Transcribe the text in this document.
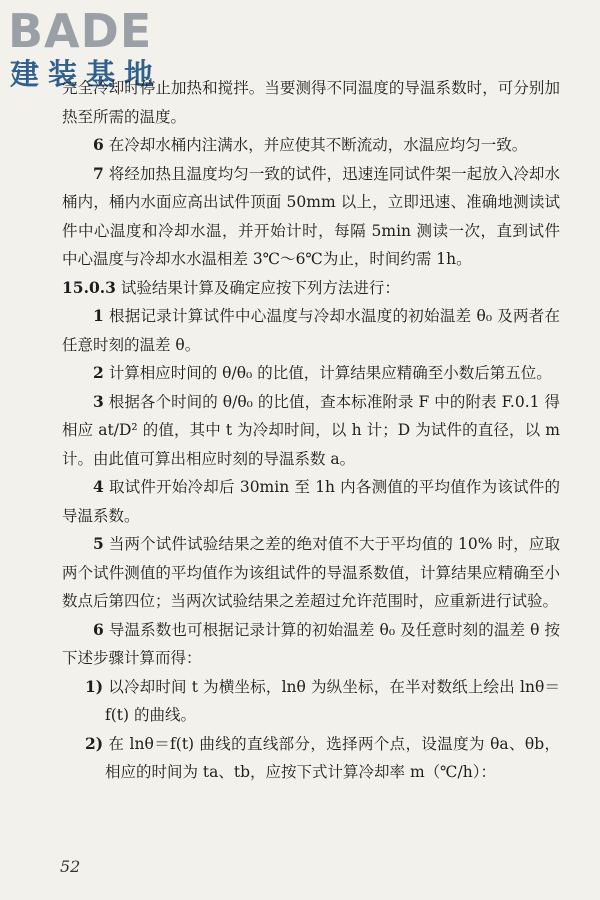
BADE
建装基地

完全冷却时停止加热和搅拌。当要测得不同温度的导温系数时，可分别加热至所需的温度。

6 在冷却水桶内注满水，并应使其不断流动，水温应均匀一致。

7 将经加热且温度均匀一致的试件，迅速连同试件架一起放入冷却水桶内，桶内水面应高出试件顶面 50mm 以上，立即迅速、准确地测读试件中心温度和冷却水温，并开始计时，每隔 5min 测读一次，直到试件中心温度与冷却水水温相差 3℃～6℃为止，时间约需 1h。

15.0.3 试验结果计算及确定应按下列方法进行：

1 根据记录计算试件中心温度与冷却水温度的初始温差 θ₀ 及两者在任意时刻的温差 θ。

2 计算相应时间的 θ/θ₀ 的比值，计算结果应精确至小数后第五位。

3 根据各个时间的 θ/θ₀ 的比值，查本标准附录 F 中的附表 F.0.1 得相应 at/D² 的值，其中 t 为冷却时间，以 h 计；D 为试件的直径，以 m 计。由此值可算出相应时刻的导温系数 a。

4 取试件开始冷却后 30min 至 1h 内各测值的平均值作为该试件的导温系数。

5 当两个试件试验结果之差的绝对值不大于平均值的 10% 时，应取两个试件测值的平均值作为该组试件的导温系数值，计算结果应精确至小数点后第四位；当两次试验结果之差超过允许范围时，应重新进行试验。

6 导温系数也可根据记录计算的初始温差 θ₀ 及任意时刻的温差 θ 按下述步骤计算而得：

1) 以冷却时间 t 为横坐标，lnθ 为纵坐标，在半对数纸上绘出 lnθ＝f(t) 的曲线。

2) 在 lnθ＝f(t) 曲线的直线部分，选择两个点，设温度为 θa、θb，相应的时间为 ta、tb，应按下式计算冷却率 m（℃/h）：

52
